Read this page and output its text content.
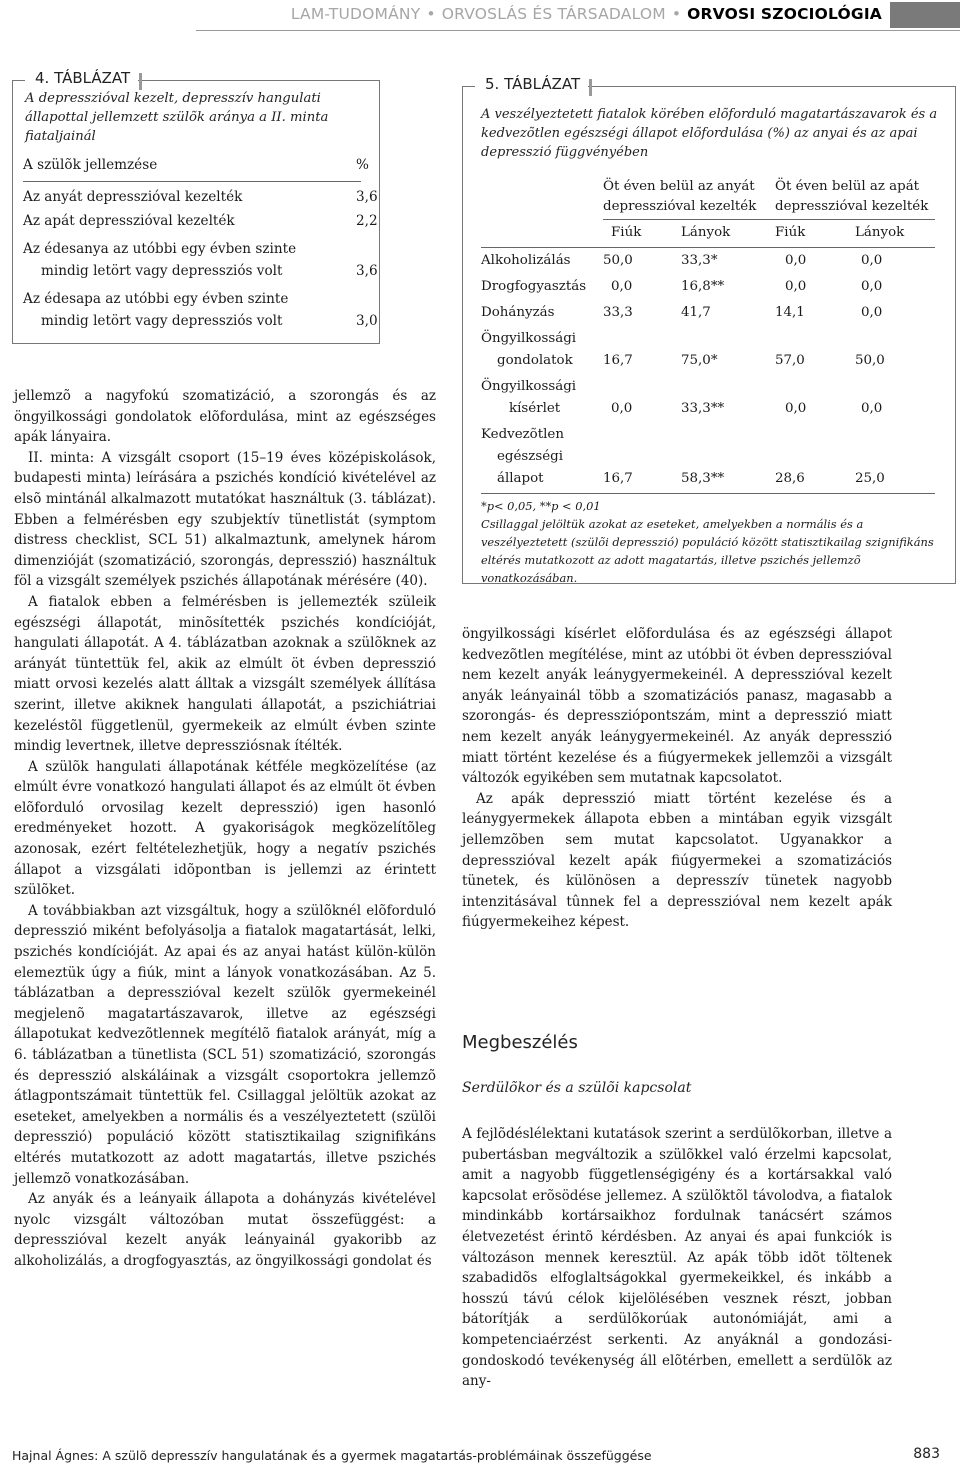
LAM-TUDOMÁNY • ORVOSLÁS ÉS TÁRSADALOM • ORVOSI SZOCIOLÓGIA
4. TÁBLÁZAT
A depresszióval kezelt, depresszív hangulati állapottal jellemzett szülõk aránya a II. minta fiataljainál
A szülõk jellemzése	%
Az anyát depresszióval kezelték	3,6
Az apát depresszióval kezelték	2,2
Az édesanya az utóbbi egy évben szinte
mindig letört vagy depressziós volt	3,6
Az édesapa az utóbbi egy évben szinte
mindig letört vagy depressziós volt	3,0
5. TÁBLÁZAT
A veszélyeztetett fiatalok körében elõforduló magatartászavarok és a kedvezõtlen egészségi állapot elõfordulása (%) az anyai és az apai depresszió függvényében
Öt éven belül az anyát
depresszióval kezelték
Öt éven belül az apát
depresszióval kezelték
Fiúk	Lányok	Fiúk	Lányok
Alkoholizálás 50,0	33,3*	0,0	0,0
Drogfogyasztás 0,0	16,8**	0,0	0,0
Dohányzás	33,3	41,7	14,1	0,0
Öngyilkossági
gondolatok 16,7	75,0*	57,0	50,0
Öngyilkossági
kísérlet	0,0	33,3**	0,0	0,0
Kedvezõtlen
egészségi
állapot	16,7	58,3**	28,6	25,0
*p< 0,05, **p < 0,01
Csillaggal jelöltük azokat az eseteket, amelyekben a normális és a veszélyeztetett (szülõi depresszió) populáció között statisztikailag szignifikáns eltérés mutatkozott az adott magatartás, illetve pszichés jellemzõ vonatkozásában.

jellemzõ a nagyfokú szomatizáció, a szorongás és az öngyilkossági gondolatok elõfordulása, mint az egészséges apák lányaira.

II. minta: A vizsgált csoport (15–19 éves középiskolások, budapesti minta) leírására a pszichés kondíció kivételével az elsõ mintánál alkalmazott mutatókat használtuk (3. táblázat). Ebben a felmérésben egy szubjektív tünetlistát (symptom distress checklist, SCL 51) alkalmaztunk, amelynek három dimenzióját (szomatizáció, szorongás, depresszió) használtuk föl a vizsgált személyek pszichés állapotának mérésére (40).

A fiatalok ebben a felmérésben is jellemezték szüleik egészségi állapotát, minõsítették pszichés kondícióját, hangulati állapotát. A 4. táblázatban azoknak a szülõknek az arányát tüntettük fel, akik az elmúlt öt évben depresszió miatt orvosi kezelés alatt álltak a vizsgált személyek állítása szerint, illetve akiknek hangulati állapotát, a pszichiátriai kezeléstõl függetlenül, gyermekeik az elmúlt évben szinte mindig levertnek, illetve depressziósnak ítélték.

A szülõk hangulati állapotának kétféle megközelítése (az elmúlt évre vonatkozó hangulati állapot és az elmúlt öt évben elõforduló orvosilag kezelt depresszió) igen hasonló eredményeket hozott. A gyakoriságok megközelítõleg azonosak, ezért feltételezhetjük, hogy a negatív pszichés állapot a vizsgálati idõpontban is jellemzi az érintett szülõket.

A továbbiakban azt vizsgáltuk, hogy a szülõknél elõforduló depresszió miként befolyásolja a fiatalok magatartását, lelki, pszichés kondícióját. Az apai és az anyai hatást külön-külön elemeztük úgy a fiúk, mint a lányok vonatkozásában. Az 5. táblázatban a depresszióval kezelt szülõk gyermekeinél megjelenõ magatartászavarok, illetve az egészségi állapotukat kedvezõtlennek megítélõ fiatalok arányát, míg a 6. táblázatban a tünetlista (SCL 51) szomatizáció, szorongás és depresszió alskáláinak a vizsgált csoportokra jellemzõ átlagpontszámait tüntettük fel. Csillaggal jelöltük azokat az eseteket, amelyekben a normális és a veszélyeztetett (szülõi depresszió) populáció között statisztikailag szignifikáns eltérés mutatkozott az adott magatartás, illetve pszichés jellemzõ vonatkozásában.

Az anyák és a leányaik állapota a dohányzás kivételével nyolc vizsgált változóban mutat összefüggést: a depresszióval kezelt anyák leányainál gyakoribb az alkoholizálás, a drogfogyasztás, az öngyilkossági gondolat és

öngyilkossági kísérlet elõfordulása és az egészségi állapot kedvezõtlen megítélése, mint az utóbbi öt évben depresszióval nem kezelt anyák leánygyermekeinél. A depresszióval kezelt anyák leányainál több a szomatizációs panasz, magasabb a szorongás- és depressziópontszám, mint a depresszió miatt nem kezelt anyák leánygyermekeinél. Az anyák depresszió miatt történt kezelése és a fiúgyermekek jellemzõi a vizsgált változók egyikében sem mutatnak kapcsolatot.

Az apák depresszió miatt történt kezelése és a leánygyermekek állapota ebben a mintában egyik vizsgált jellemzõben sem mutat kapcsolatot. Ugyanakkor a depresszióval kezelt apák fiúgyermekei a szomatizációs tünetek, és különösen a depresszív tünetek nagyobb intenzitásával tûnnek fel a depresszióval nem kezelt apák fiúgyermekeihez képest.

Megbeszélés
Serdülõkor és a szülõi kapcsolat

A fejlõdéslélektani kutatások szerint a serdülõkorban, illetve a pubertásban megváltozik a szülõkkel való érzelmi kapcsolat, amit a nagyobb függetlenségigény és a kortársakkal való kapcsolat erõsödése jellemez. A szülõktõl távolodva, a fiatalok mindinkább kortársaikhoz fordulnak tanácsért számos életvezetést érintõ kérdésben. Az anyai és apai funkciók is változáson mennek keresztül. Az apák több idõt töltenek szabadidõs elfoglaltságokkal gyermekeikkel, és inkább a hosszú távú célok kijelölésében vesznek részt, jobban bátorítják a serdülõkorúak autonómiáját, ami a kompetenciaérzést serkenti. Az anyáknál a gondozási-gondoskodó tevékenység áll elõtérben, emellett a serdülõk az any-

Hajnal Ágnes: A szülõ depresszív hangulatának és a gyermek magatartás-problémáinak összefüggése	883
